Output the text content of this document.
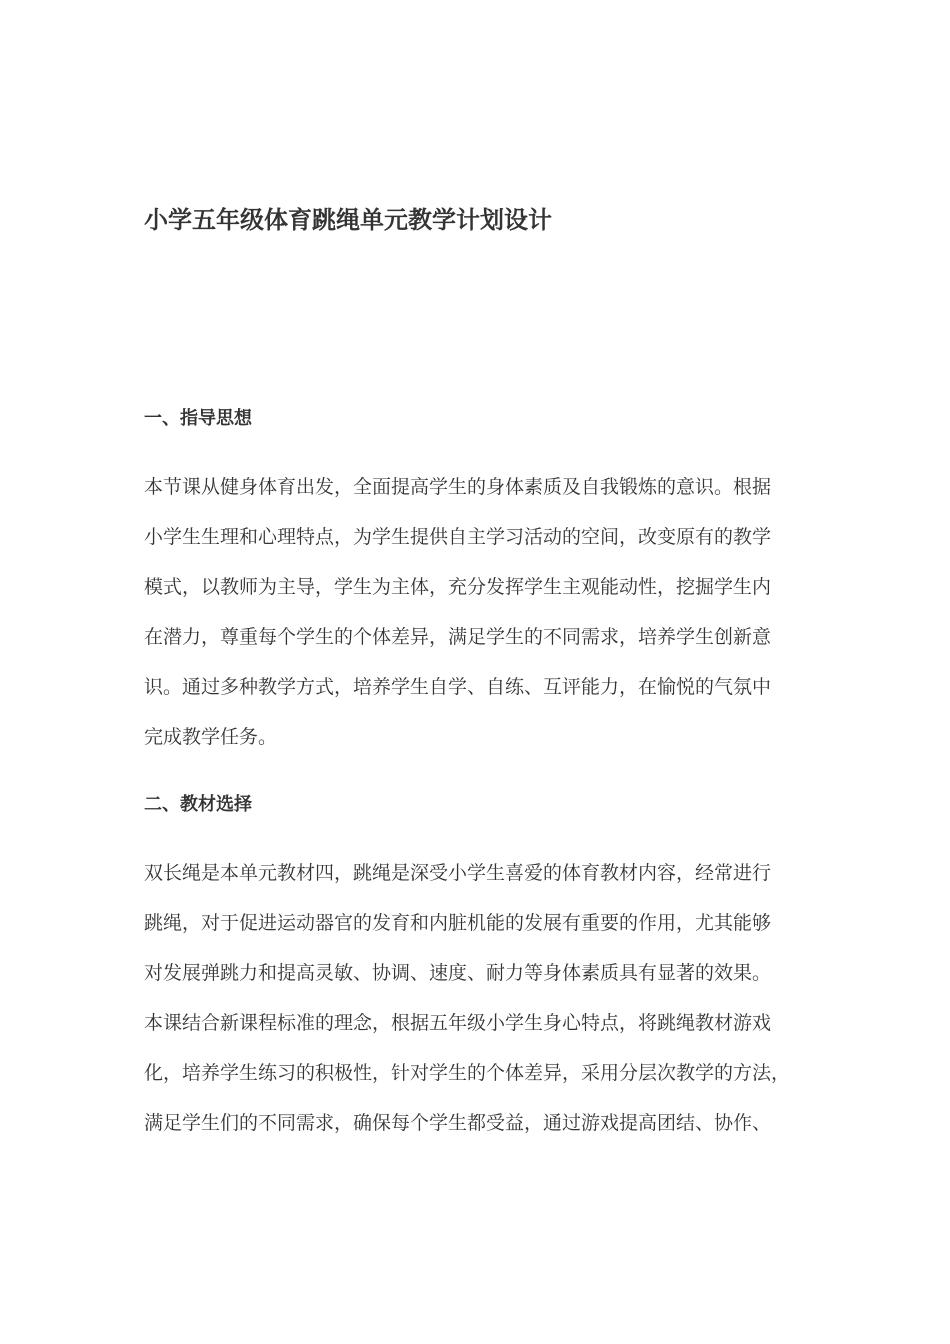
小学五年级体育跳绳单元教学计划设计
一、指导思想
本节课从健身体育出发，全面提高学生的身体素质及自我锻炼的意识。根据
小学生生理和心理特点，为学生提供自主学习活动的空间，改变原有的教学
模式，以教师为主导，学生为主体，充分发挥学生主观能动性，挖掘学生内
在潜力，尊重每个学生的个体差异，满足学生的不同需求，培养学生创新意
识。通过多种教学方式，培养学生自学、自练、互评能力，在愉悦的气氛中
完成教学任务。
二、教材选择
双长绳是本单元教材四，跳绳是深受小学生喜爱的体育教材内容，经常进行
跳绳，对于促进运动器官的发育和内脏机能的发展有重要的作用，尤其能够
对发展弹跳力和提高灵敏、协调、速度、耐力等身体素质具有显著的效果。
本课结合新课程标准的理念，根据五年级小学生身心特点，将跳绳教材游戏
化，培养学生练习的积极性，针对学生的个体差异，采用分层次教学的方法，
满足学生们的不同需求，确保每个学生都受益，通过游戏提高团结、协作、
